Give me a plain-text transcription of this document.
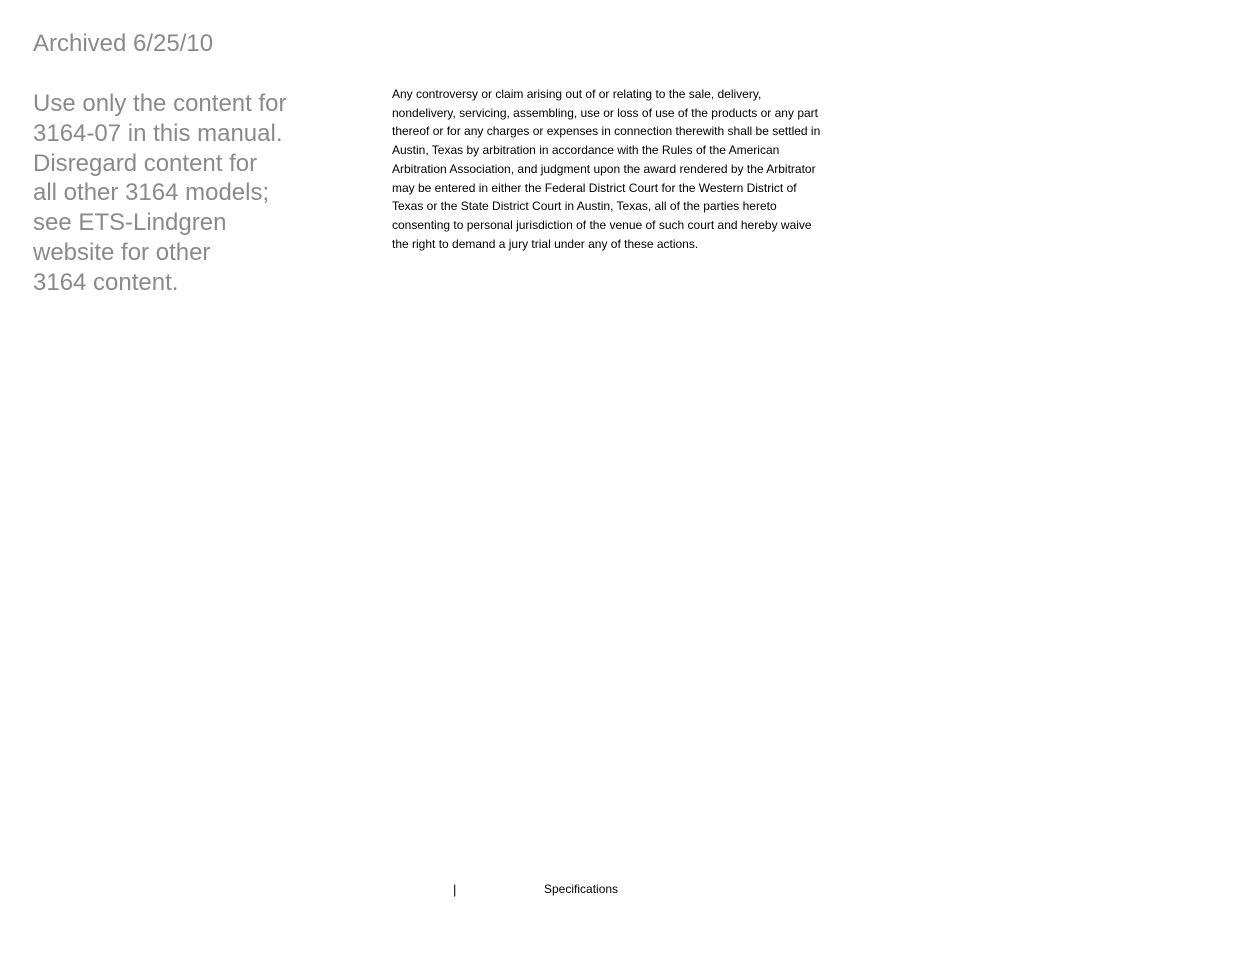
Archived 6/25/10
Use only the content for
3164-07 in this manual.
Disregard content for
all other 3164 models;
see ETS-Lindgren
website for other
3164 content.
Any controversy or claim arising out of or relating to the sale, delivery,
nondelivery, servicing, assembling, use or loss of use of the products or any part
thereof or for any charges or expenses in connection therewith shall be settled in
Austin, Texas by arbitration in accordance with the Rules of the American
Arbitration Association, and judgment upon the award rendered by the Arbitrator
may be entered in either the Federal District Court for the Western District of
Texas or the State District Court in Austin, Texas, all of the parties hereto
consenting to personal jurisdiction of the venue of such court and hereby waive
the right to demand a jury trial under any of these actions.
|	Specifications
